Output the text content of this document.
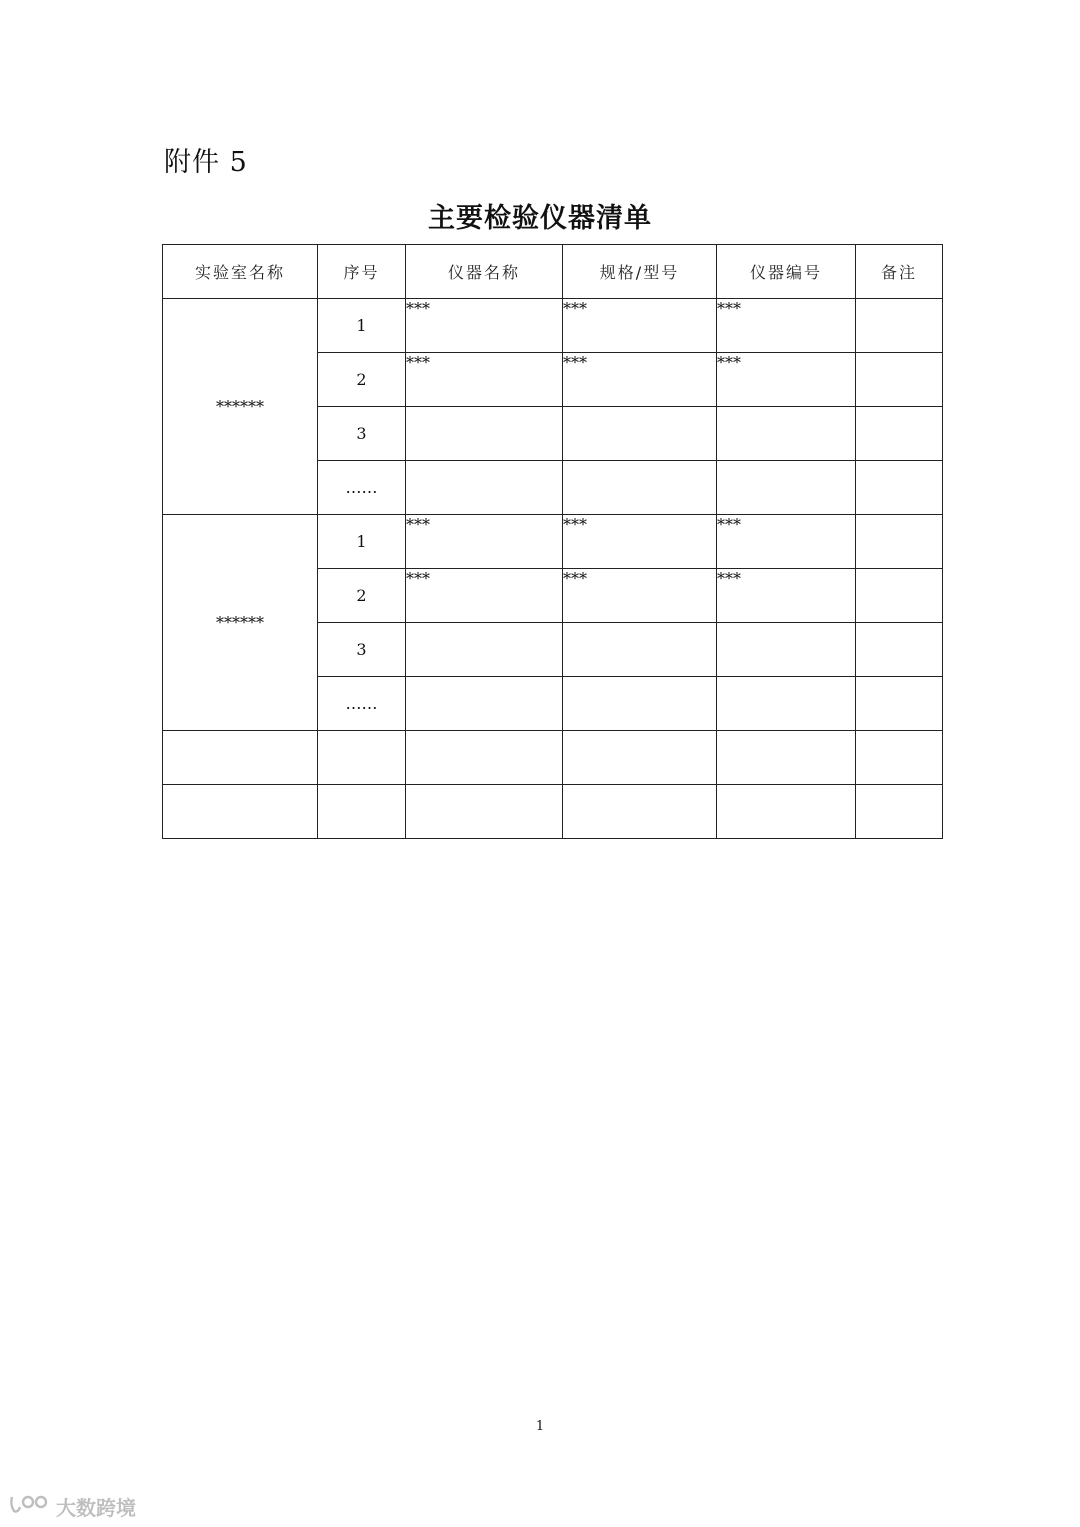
附件 5
主要检验仪器清单
实验室名称	序号	仪器名称	规格/型号	仪器编号	备注
******	1	***	***	***	
	2	***	***	***	
	3				
	……				
******	1	***	***	***	
	2	***	***	***	
	3				
	……				

1
大数跨境
